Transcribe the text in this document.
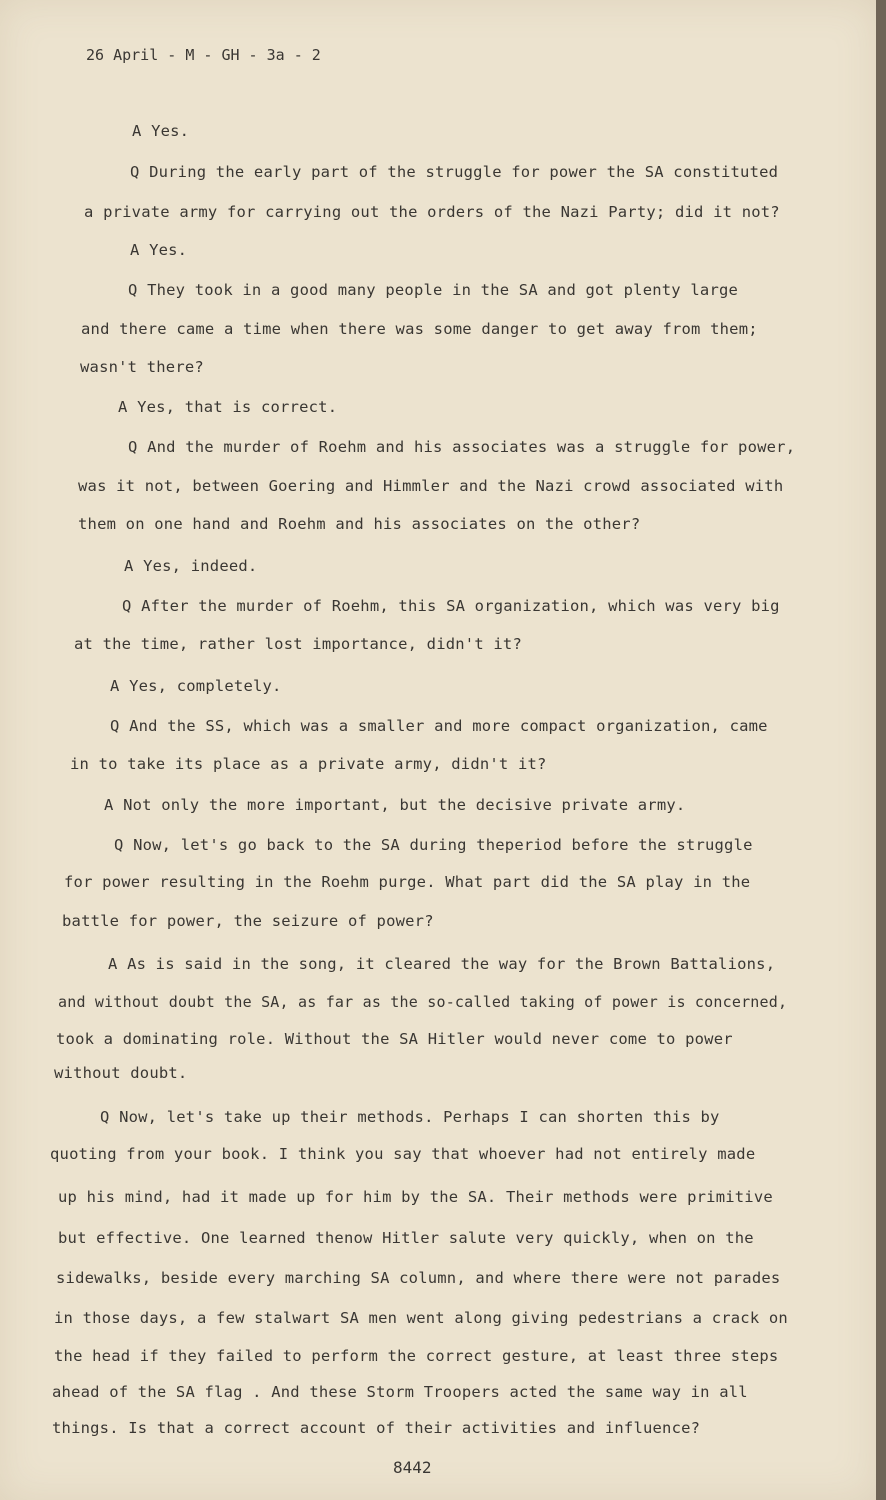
26 April - M - GH - 3a - 2
A Yes.
Q During the early part of the struggle for power the SA constituted
a private army for carrying out the orders of the Nazi Party; did it not?
A Yes.
Q They took in a good many people in the SA and got plenty large
and there came a time when there was some danger to get away from them;
wasn't there?
A Yes, that is correct.
Q And the murder of Roehm and his associates was a struggle for power,
was it not, between Goering and Himmler and the Nazi crowd associated with
them on one hand and Roehm and his associates on the other?
A Yes, indeed.
Q After the murder of Roehm, this SA organization, which was very big
at the time, rather lost importance, didn't it?
A Yes, completely.
Q And the SS, which was a smaller and more compact organization, came
in to take its place as a private army, didn't it?
A Not only the more important, but the decisive private army.
Q Now, let's go back to the SA during theperiod before the struggle
for power resulting in the Roehm purge. What part did the SA play in the
battle for power, the seizure of power?
A As is said in the song, it cleared the way for the Brown Battalions,
and without doubt the SA, as far as the so-called taking of power is concerned,
took a dominating role. Without the SA Hitler would never come to power
without doubt.
Q Now, let's take up their methods. Perhaps I can shorten this by
quoting from your book. I think you say that whoever had not entirely made
up his mind, had it made up for him by the SA. Their methods were primitive
but effective. One learned thenow Hitler salute very quickly, when on the
sidewalks, beside every marching SA column, and where there were not parades
in those days, a few stalwart SA men went along giving pedestrians a crack on
the head if they failed to perform the correct gesture, at least three steps
ahead of the SA flag . And these Storm Troopers acted the same way in all
things. Is that a correct account of their activities and influence?
8442
